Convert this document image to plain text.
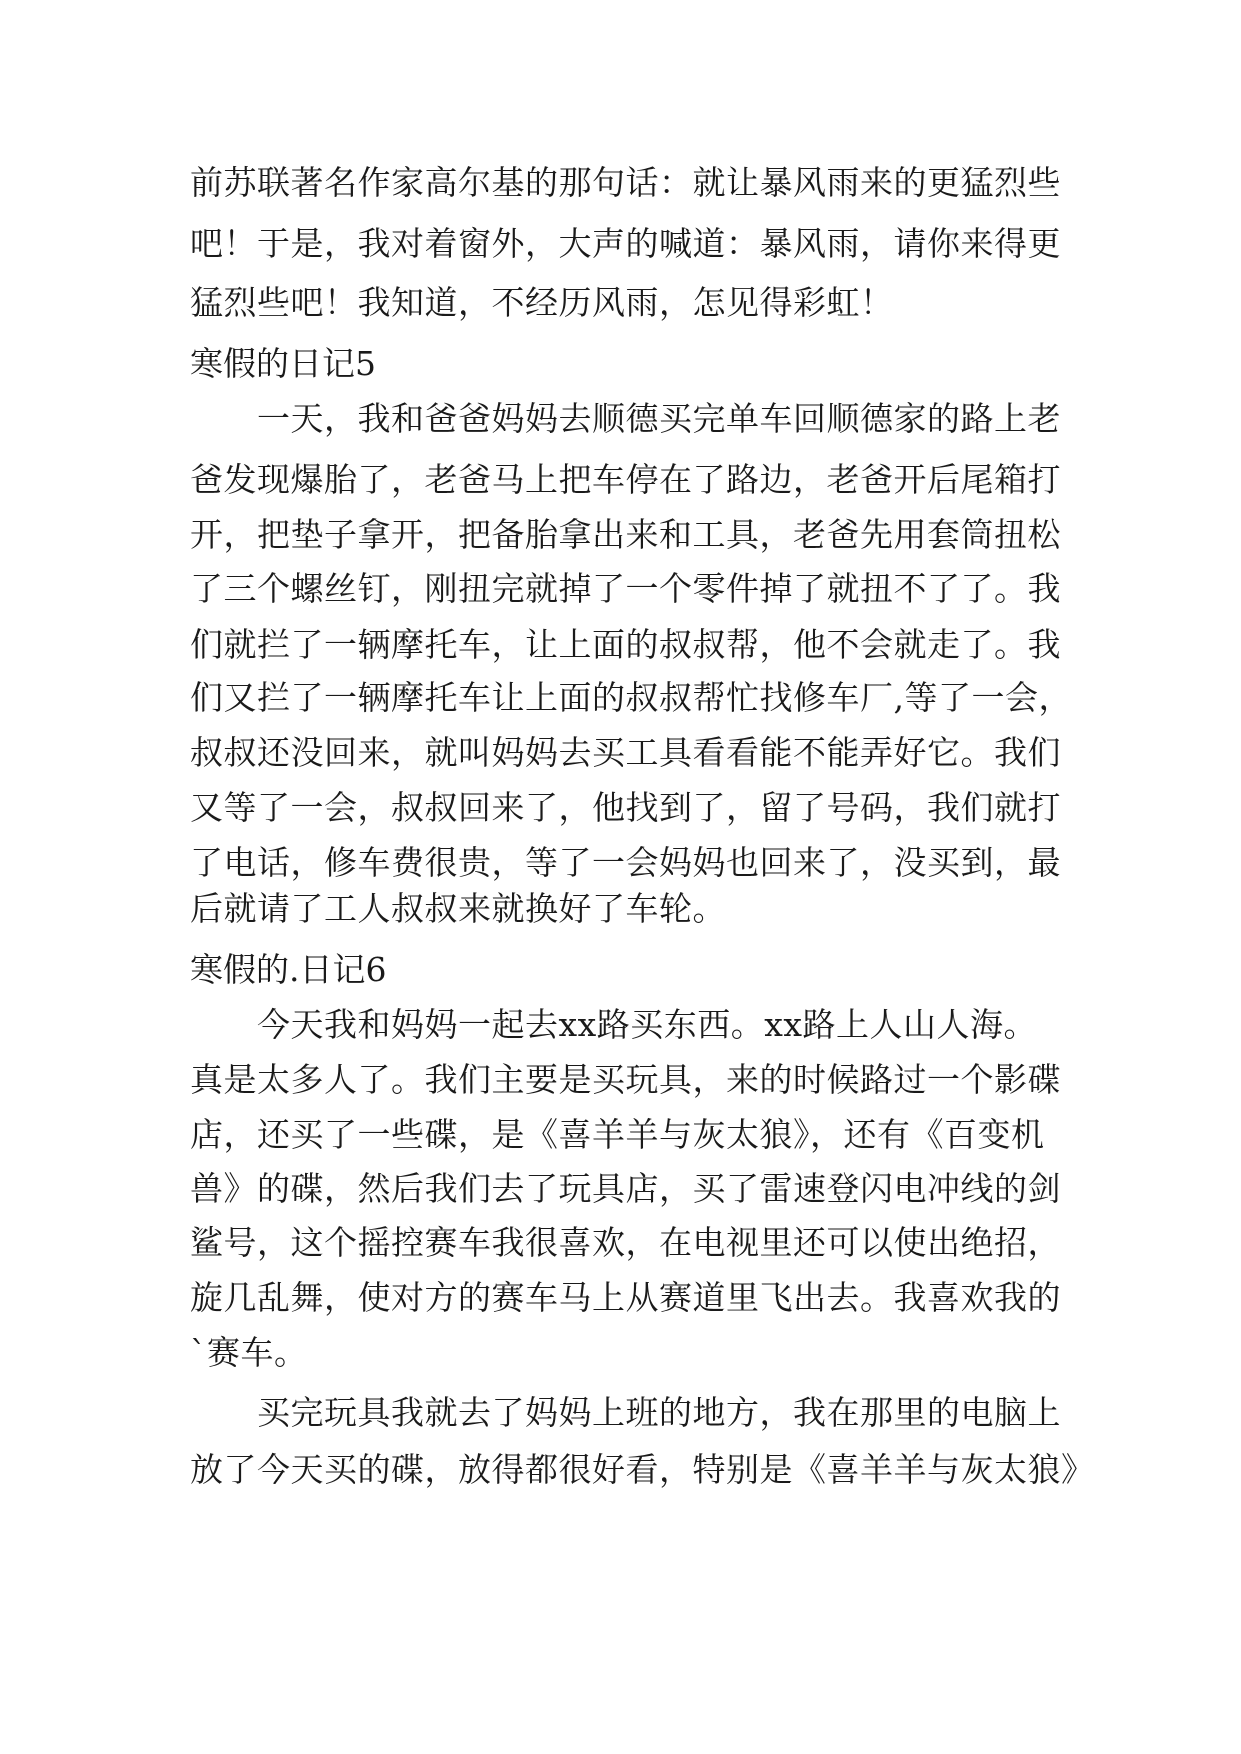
前苏联著名作家高尔基的那句话：就让暴风雨来的更猛烈些

吧！于是，我对着窗外，大声的喊道：暴风雨，请你来得更

猛烈些吧！我知道，不经历风雨，怎见得彩虹！

寒假的日记5

一天，我和爸爸妈妈去顺德买完单车回顺德家的路上老

爸发现爆胎了，老爸马上把车停在了路边，老爸开后尾箱打

开，把垫子拿开，把备胎拿出来和工具，老爸先用套筒扭松

了三个螺丝钉，刚扭完就掉了一个零件掉了就扭不了了。我

们就拦了一辆摩托车，让上面的叔叔帮，他不会就走了。我

们又拦了一辆摩托车让上面的叔叔帮忙找修车厂,等了一会，

叔叔还没回来，就叫妈妈去买工具看看能不能弄好它。我们

又等了一会，叔叔回来了，他找到了，留了号码，我们就打

了电话，修车费很贵，等了一会妈妈也回来了，没买到，最

后就请了工人叔叔来就换好了车轮。

寒假的.日记6

今天我和妈妈一起去xx路买东西。xx路上人山人海。

真是太多人了。我们主要是买玩具，来的时候路过一个影碟

店，还买了一些碟，是《喜羊羊与灰太狼》，还有《百变机

兽》的碟，然后我们去了玩具店，买了雷速登闪电冲线的剑

鲨号，这个摇控赛车我很喜欢，在电视里还可以使出绝招，

旋几乱舞，使对方的赛车马上从赛道里飞出去。我喜欢我的

`赛车。

买完玩具我就去了妈妈上班的地方，我在那里的电脑上

放了今天买的碟，放得都很好看，特别是《喜羊羊与灰太狼》
